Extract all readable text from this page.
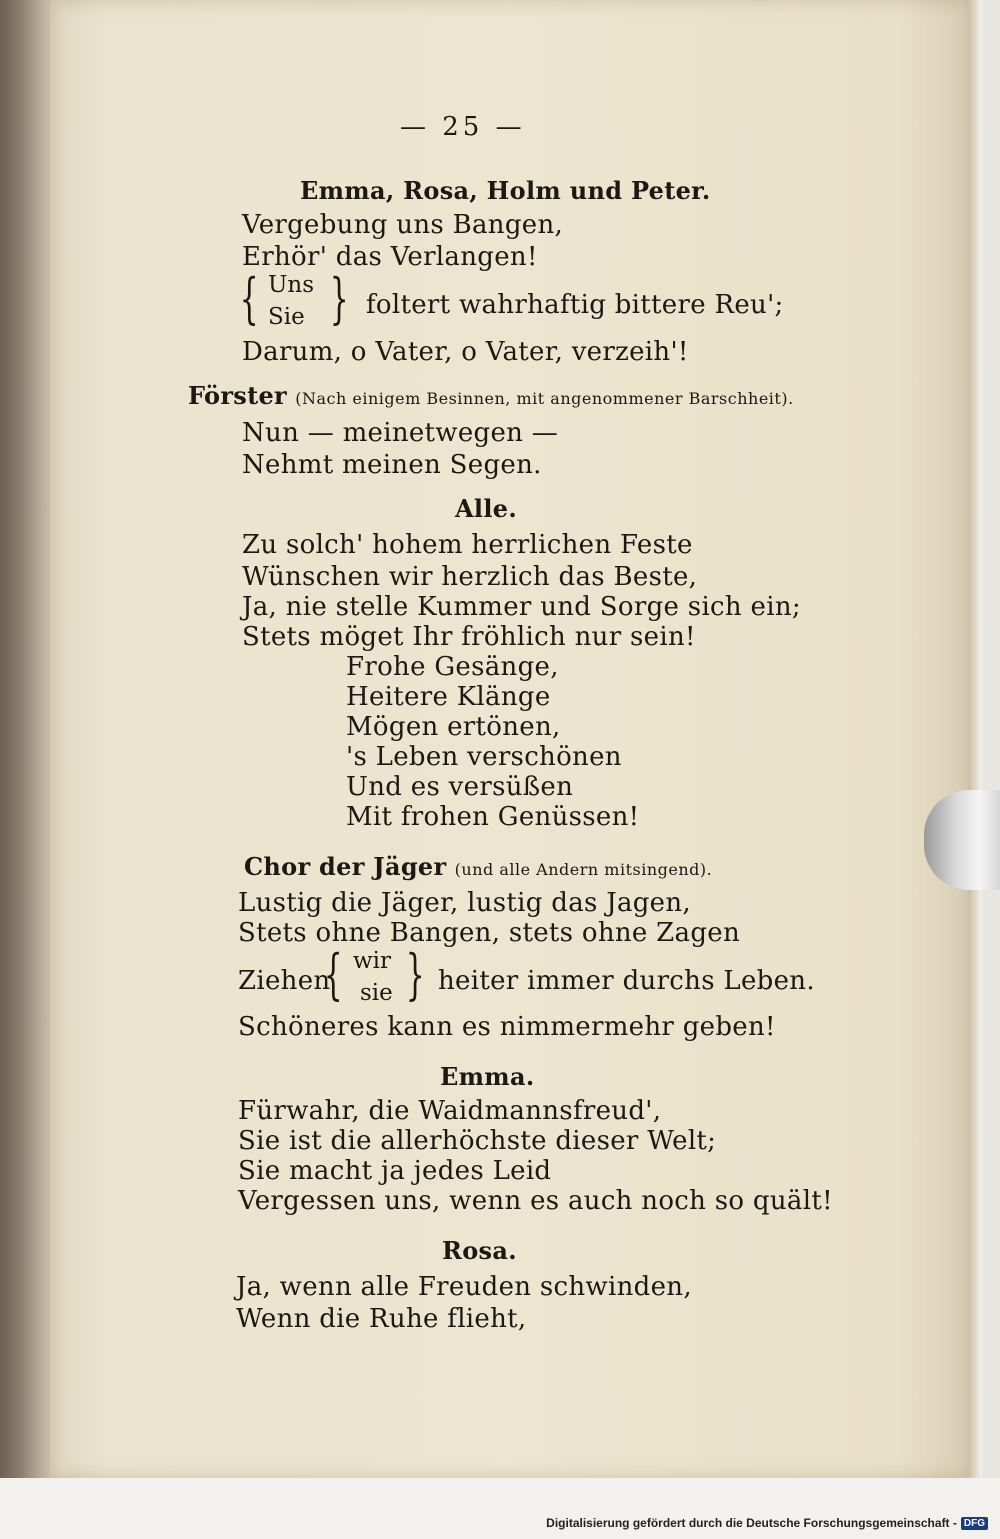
— 25 —
Emma, Rosa, Holm und Peter.
Vergebung uns Bangen,
Erhör' das Verlangen!
{ Uns
Sie } foltert wahrhaftig bittere Reu';
Darum, o Vater, o Vater, verzeih'!
Förster (Nach einigem Besinnen, mit angenommener Barschheit).
Nun — meinetwegen —
Nehmt meinen Segen.
Alle.
Zu solch' hohem herrlichen Feste
Wünschen wir herzlich das Beste,
Ja, nie stelle Kummer und Sorge sich ein;
Stets möget Ihr fröhlich nur sein!
Frohe Gesänge,
Heitere Klänge
Mögen ertönen,
's Leben verschönen
Und es versüßen
Mit frohen Genüssen!
Chor der Jäger (und alle Andern mitsingend).
Lustig die Jäger, lustig das Jagen,
Stets ohne Bangen, stets ohne Zagen
Ziehen
{ wir
sie } heiter immer durchs Leben.
Schöneres kann es nimmermehr geben!
Emma.
Fürwahr, die Waidmannsfreud',
Sie ist die allerhöchste dieser Welt;
Sie macht ja jedes Leid
Vergessen uns, wenn es auch noch so quält!
Rosa.
Ja, wenn alle Freuden schwinden,
Wenn die Ruhe flieht,
Digitalisierung gefördert durch die Deutsche Forschungsgemeinschaft - DFG
